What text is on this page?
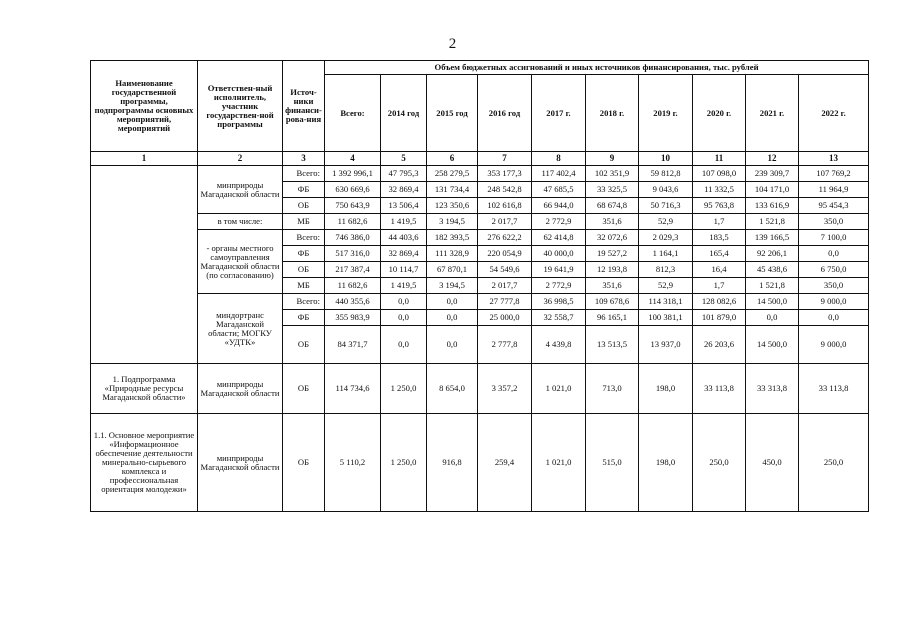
2
Наименование государственной программы, подпрограммы основных мероприятий, мероприятий	Ответствен-ный исполнитель, участник государствен-ной программы	Источ-ники финанси-рова-ния	Объем бюджетных ассигнований и иных источников финансирования, тыс. рублей									
			Всего:	2014 год	2015 год	2016 год	2017 г.	2018 г.	2019 г.	2020 г.	2021 г.	2022 г.
1	2	3	4	5	6	7	8	9	10	11	12	13
	минприроды Магаданской области	Всего:	1 392 996,1	47 795,3	258 279,5	353 177,3	117 402,4	102 351,9	59 812,8	107 098,0	239 309,7	107 769,2
		ФБ	630 669,6	32 869,4	131 734,4	248 542,8	47 685,5	33 325,5	9 043,6	11 332,5	104 171,0	11 964,9
		ОБ	750 643,9	13 506,4	123 350,6	102 616,8	66 944,0	68 674,8	50 716,3	95 763,8	133 616,9	95 454,3
	в том числе:	МБ	11 682,6	1 419,5	3 194,5	2 017,7	2 772,9	351,6	52,9	1,7	1 521,8	350,0
	- органы местного самоуправления Магаданской области (по согласованию)	Всего:	746 386,0	44 403,6	182 393,5	276 622,2	62 414,8	32 072,6	2 029,3	183,5	139 166,5	7 100,0
		ФБ	517 316,0	32 869,4	111 328,9	220 054,9	40 000,0	19 527,2	1 164,1	165,4	92 206,1	0,0
		ОБ	217 387,4	10 114,7	67 870,1	54 549,6	19 641,9	12 193,8	812,3	16,4	45 438,6	6 750,0
		МБ	11 682,6	1 419,5	3 194,5	2 017,7	2 772,9	351,6	52,9	1,7	1 521,8	350,0
	миндортранс Магаданской области; МОГКУ «УДТК»	Всего:	440 355,6	0,0	0,0	27 777,8	36 998,5	109 678,6	114 318,1	128 082,6	14 500,0	9 000,0
		ФБ	355 983,9	0,0	0,0	25 000,0	32 558,7	96 165,1	100 381,1	101 879,0	0,0	0,0
		ОБ	84 371,7	0,0	0,0	2 777,8	4 439,8	13 513,5	13 937,0	26 203,6	14 500,0	9 000,0
1. Подпрограмма «Природные ресурсы Магаданской области»	минприроды Магаданской области	ОБ	114 734,6	1 250,0	8 654,0	3 357,2	1 021,0	713,0	198,0	33 113,8	33 313,8	33 113,8
1.1. Основное мероприятие «Информационное обеспечение деятельности минерально-сырьевого комплекса и профессиональная ориентация молодежи»	минприроды Магаданской области	ОБ	5 110,2	1 250,0	916,8	259,4	1 021,0	515,0	198,0	250,0	450,0	250,0
